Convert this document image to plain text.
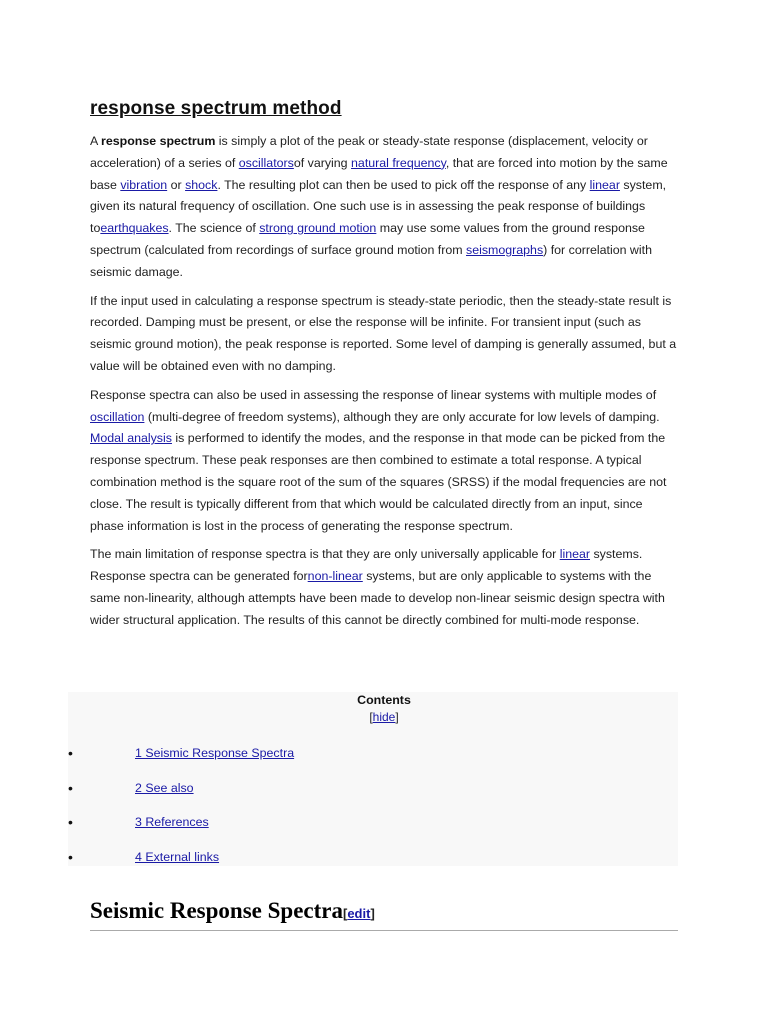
response spectrum method

A response spectrum is simply a plot of the peak or steady-state response (displacement, velocity or acceleration) of a series of oscillatorsof varying natural frequency, that are forced into motion by the same base vibration or shock. The resulting plot can then be used to pick off the response of any linear system, given its natural frequency of oscillation. One such use is in assessing the peak response of buildings toearthquakes. The science of strong ground motion may use some values from the ground response spectrum (calculated from recordings of surface ground motion from seismographs) for correlation with seismic damage.

If the input used in calculating a response spectrum is steady-state periodic, then the steady-state result is recorded. Damping must be present, or else the response will be infinite. For transient input (such as seismic ground motion), the peak response is reported. Some level of damping is generally assumed, but a value will be obtained even with no damping.

Response spectra can also be used in assessing the response of linear systems with multiple modes of oscillation (multi-degree of freedom systems), although they are only accurate for low levels of damping. Modal analysis is performed to identify the modes, and the response in that mode can be picked from the response spectrum. These peak responses are then combined to estimate a total response. A typical combination method is the square root of the sum of the squares (SRSS) if the modal frequencies are not close. The result is typically different from that which would be calculated directly from an input, since phase information is lost in the process of generating the response spectrum.

The main limitation of response spectra is that they are only universally applicable for linear systems. Response spectra can be generated fornon-linear systems, but are only applicable to systems with the same non-linearity, although attempts have been made to develop non-linear seismic design spectra with wider structural application. The results of this cannot be directly combined for multi-mode response.

Contents
[hide]
•	1 Seismic Response Spectra
•	2 See also
•	3 References
•	4 External links
Seismic Response Spectra[edit]
